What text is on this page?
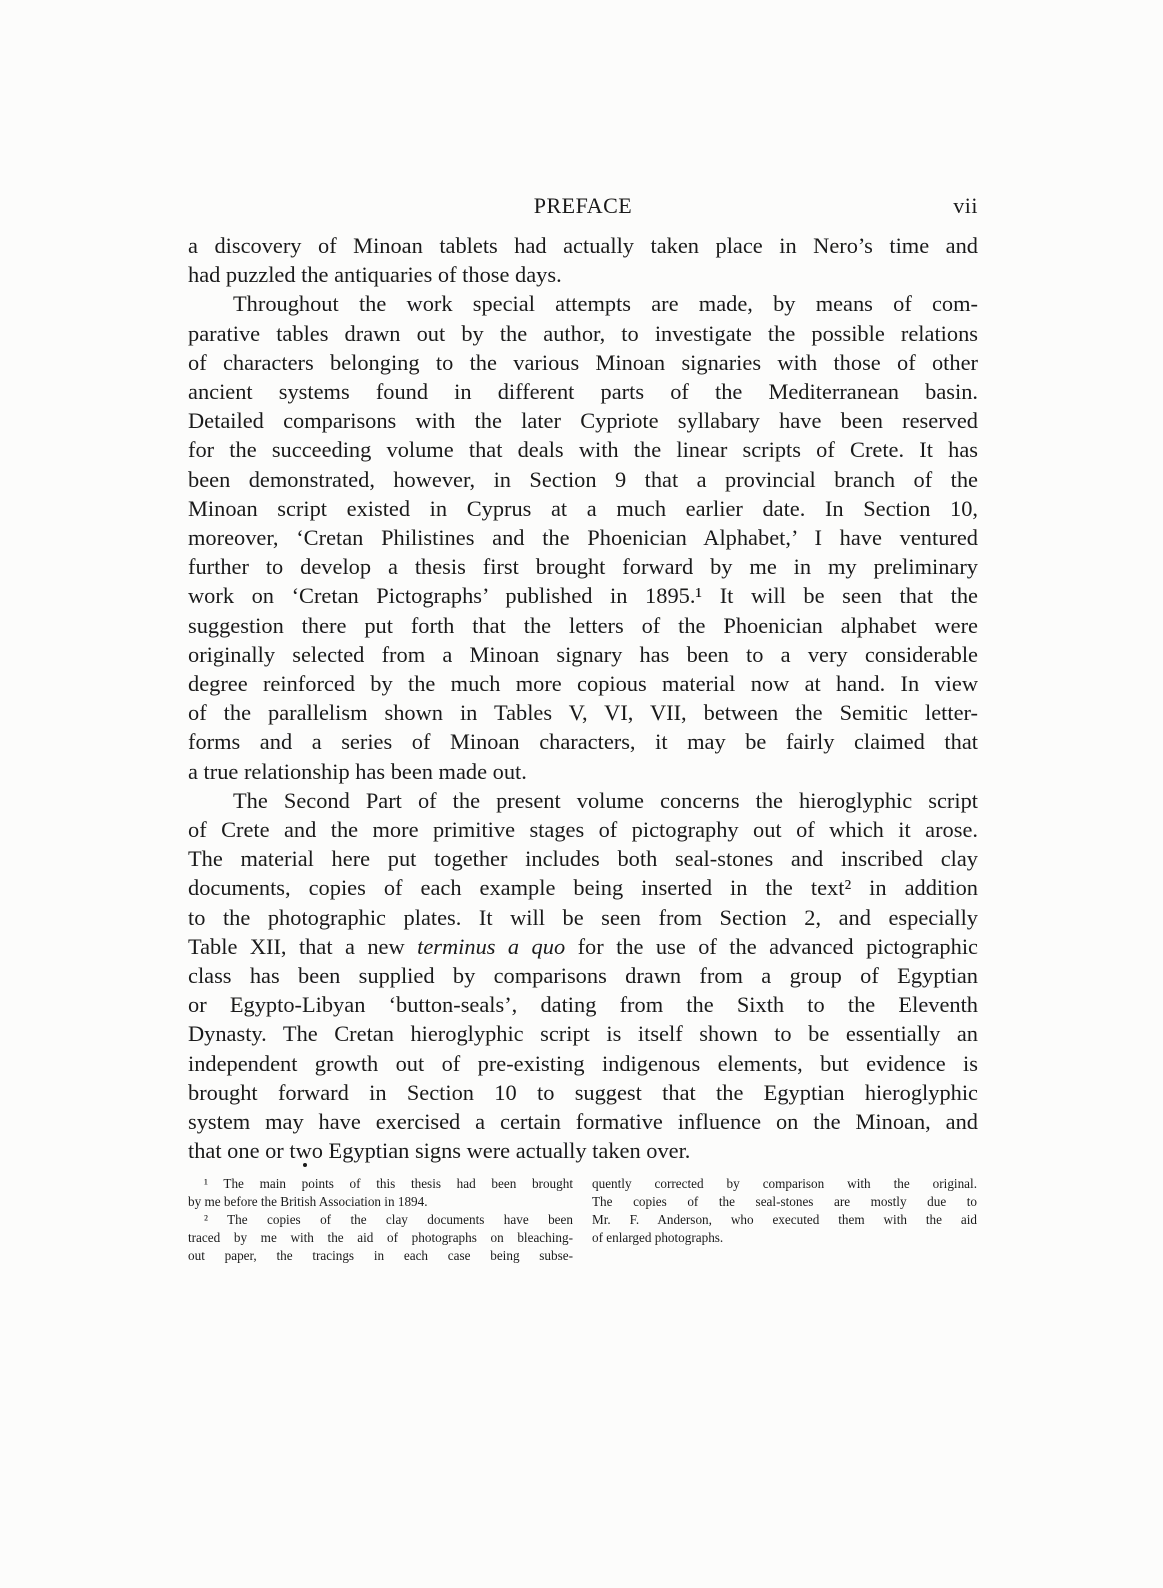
PREFACE	vii
a discovery of Minoan tablets had actually taken place in Nero’s time and
had puzzled the antiquaries of those days.
Throughout the work special attempts are made, by means of com-
parative tables drawn out by the author, to investigate the possible relations
of characters belonging to the various Minoan signaries with those of other
ancient systems found in different parts of the Mediterranean basin.
Detailed comparisons with the later Cypriote syllabary have been reserved
for the succeeding volume that deals with the linear scripts of Crete. It has
been demonstrated, however, in Section 9 that a provincial branch of the
Minoan script existed in Cyprus at a much earlier date. In Section 10,
moreover, ‘Cretan Philistines and the Phoenician Alphabet,’ I have ventured
further to develop a thesis first brought forward by me in my preliminary
work on ‘Cretan Pictographs’ published in 1895.¹ It will be seen that the
suggestion there put forth that the letters of the Phoenician alphabet were
originally selected from a Minoan signary has been to a very considerable
degree reinforced by the much more copious material now at hand. In view
of the parallelism shown in Tables V, VI, VII, between the Semitic letter-
forms and a series of Minoan characters, it may be fairly claimed that
a true relationship has been made out.
The Second Part of the present volume concerns the hieroglyphic script
of Crete and the more primitive stages of pictography out of which it arose.
The material here put together includes both seal-stones and inscribed clay
documents, copies of each example being inserted in the text² in addition
to the photographic plates. It will be seen from Section 2, and especially
Table XII, that a new terminus a quo for the use of the advanced pictographic
class has been supplied by comparisons drawn from a group of Egyptian
or Egypto-Libyan ‘button-seals’, dating from the Sixth to the Eleventh
Dynasty. The Cretan hieroglyphic script is itself shown to be essentially an
independent growth out of pre-existing indigenous elements, but evidence is
brought forward in Section 10 to suggest that the Egyptian hieroglyphic
system may have exercised a certain formative influence on the Minoan, and
that one or two Egyptian signs were actually taken over.
¹ The main points of this thesis had been brought
by me before the British Association in 1894.
² The copies of the clay documents have been
traced by me with the aid of photographs on bleaching-
out paper, the tracings in each case being subse-
quently corrected by comparison with the original.
The copies of the seal-stones are mostly due to
Mr. F. Anderson, who executed them with the aid
of enlarged photographs.
